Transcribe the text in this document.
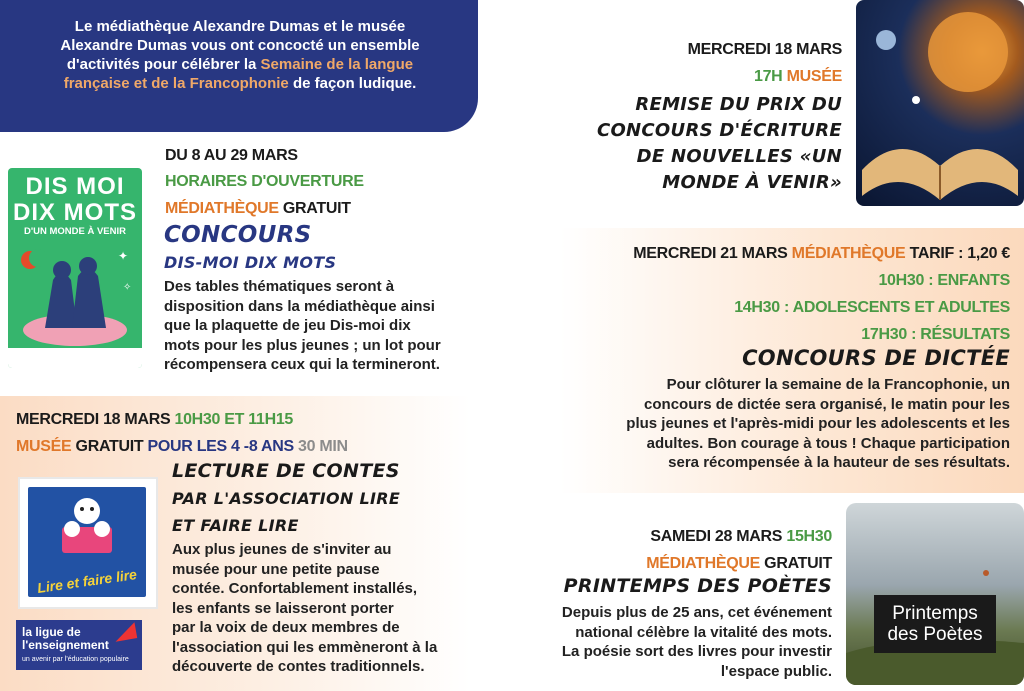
Le médiathèque Alexandre Dumas et le musée
Alexandre Dumas vous ont concocté un ensemble
d'activités pour célébrer la Semaine de la langue
française et de la Francophonie de façon ludique.
DIS MOI
DIX MOTS
D'UN MONDE À VENIR
✦
✧
DU 8 AU 29 MARS
HORAIRES D'OUVERTURE
MÉDIATHÈQUE GRATUIT
CONCOURS
DIS-MOI DIX MOTS
Des tables thématiques seront à
disposition dans la médiathèque ainsi
que la plaquette de jeu Dis-moi dix
mots pour les plus jeunes ; un lot pour
récompensera ceux qui la termineront.
MERCREDI 18 MARS 10H30 ET 11H15
MUSÉE GRATUIT POUR LES 4 -8 ANS 30 MIN
LECTURE DE CONTES
PAR L'ASSOCIATION LIRE
ET FAIRE LIRE
Lire et faire lire
la ligue de
l'enseignement
un avenir par l'éducation populaire
Aux plus jeunes de s'inviter au
musée pour une petite pause
contée. Confortablement installés,
les enfants se laisseront porter
par la voix de deux membres de
l'association qui les emmèneront à la
découverte de contes traditionnels.
MERCREDI 18 MARS
17H MUSÉE
REMISE DU PRIX DU
CONCOURS D'ÉCRITURE
DE NOUVELLES «UN
MONDE À VENIR»
MERCREDI 21 MARS MÉDIATHÈQUE TARIF : 1,20 €
10H30 : ENFANTS
14H30 : ADOLESCENTS ET ADULTES
17H30 : RÉSULTATS
CONCOURS DE DICTÉE
Pour clôturer la semaine de la Francophonie, un
concours de dictée sera organisé, le matin pour les
plus jeunes et l'après-midi pour les adolescents et les
adultes. Bon courage à tous ! Chaque participation
sera récompensée à la hauteur de ses résultats.
SAMEDI 28 MARS 15H30
MÉDIATHÈQUE GRATUIT
PRINTEMPS DES POÈTES
Depuis plus de 25 ans, cet événement
national célèbre la vitalité des mots.
La poésie sort des livres pour investir
l'espace public.
Printemps
des Poètes
